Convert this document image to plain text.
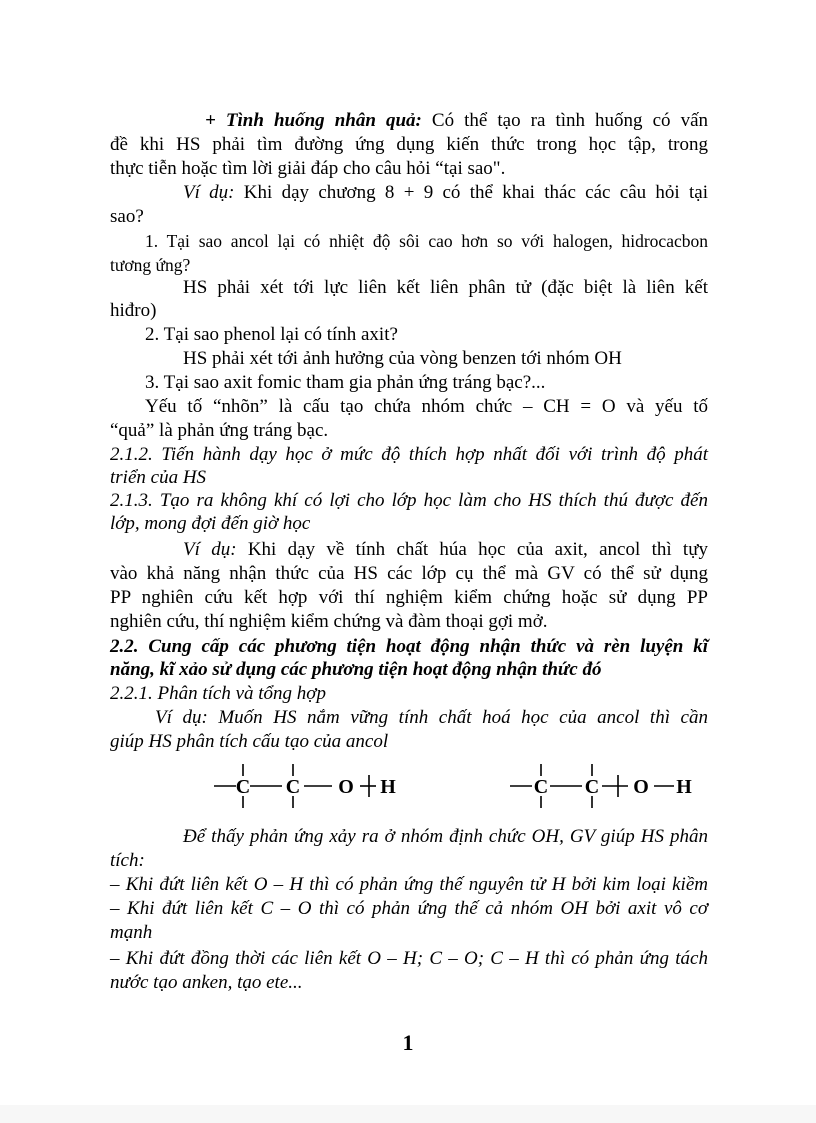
+ Tình huống nhân quả: Có thể tạo ra tình huống có vấn
đề khi HS phải tìm đường ứng dụng kiến thức trong học tập, trong
thực tiễn hoặc tìm lời giải đáp cho câu hỏi “tại sao".
Ví dụ: Khi dạy chương 8 + 9 có thể khai thác các câu hỏi tại
sao?
1. Tại sao ancol lại có nhiệt độ sôi cao hơn so với halogen, hidrocacbon
tương ứng?
HS phải xét tới lực liên kết liên phân tử (đặc biệt là liên kết
hiđro)
2. Tại sao phenol lại có tính axit?
HS phải xét tới ảnh hưởng của vòng benzen tới nhóm OH
3. Tại sao axit fomic tham gia phản ứng tráng bạc?...
Yếu tố “nhõn” là cấu tạo chứa nhóm chức – CH = O và yếu tố
“quả” là phản ứng tráng bạc.
2.1.2. Tiến hành dạy học ở mức độ thích hợp nhất đối với trình độ phát
triển của HS
2.1.3. Tạo ra không khí có lợi cho lớp học làm cho HS thích thú được đến
lớp, mong đợi đến giờ học
Ví dụ: Khi dạy về tính chất húa học của axit, ancol thì tựy
vào khả năng nhận thức của HS các lớp cụ thể mà GV có thể sử dụng
PP nghiên cứu kết hợp với thí nghiệm kiểm chứng hoặc sử dụng PP
nghiên cứu, thí nghiệm kiểm chứng và đàm thoại gợi mở.
2.2. Cung cấp các phương tiện hoạt động nhận thức và rèn luyện kĩ
năng, kĩ xảo sử dụng các phương tiện hoạt động nhận thức đó
2.2.1. Phân tích và tổng hợp
Ví dụ: Muốn HS nắm vững tính chất hoá học của ancol thì cần
giúp HS phân tích cấu tạo của ancol
C C O H	C C O H
Để thấy phản ứng xảy ra ở nhóm định chức OH, GV giúp HS phân
tích:
– Khi đứt liên kết O – H thì có phản ứng thế nguyên tử H bởi kim loại kiềm
– Khi đứt liên kết C – O thì có phản ứng thế cả nhóm OH bởi axit vô cơ
mạnh
– Khi đứt đồng thời các liên kết O – H; C – O; C – H thì có phản ứng tách
nước tạo anken, tạo ete...
1
